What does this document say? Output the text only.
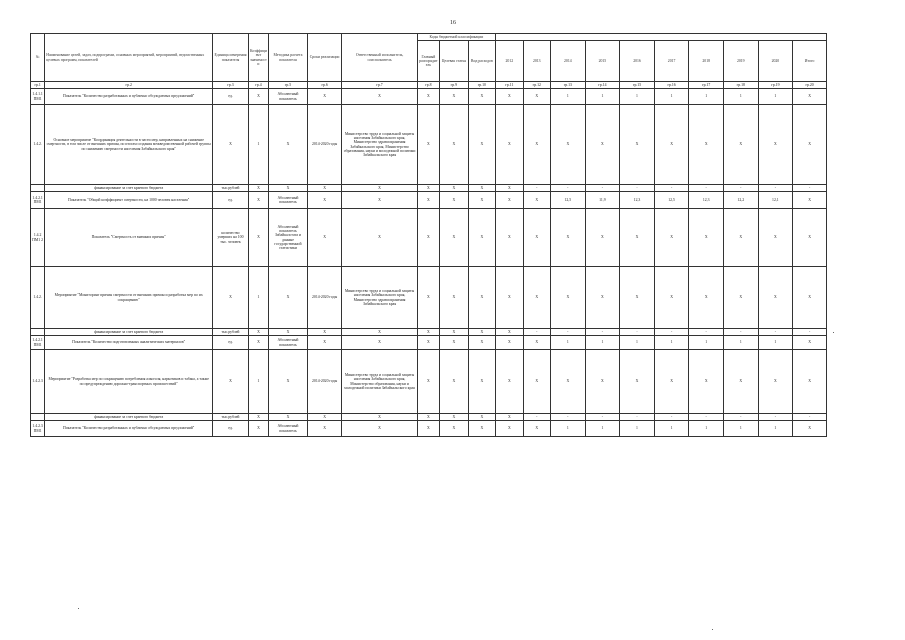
16
№	Наименование целей, задач, подпрограмм, основных мероприятий, мероприятий, ведомственных целевых программ, показателей	Единица измерения показателя	Коэффициент значимости	Методика расчета показателя	Сроки реализации	Ответственный исполнитель, соисполнитель	Коды бюджетной классификации												
							Главный распорядитель	Целевая статья	Вид расходов	2012	2013	2014	2015	2016	2017	2018	2019	2020	Итого
гр.1	гр.2	гр.3	гр.4	гр.5	гр.6	гр.7	гр.8	гр.9	гр.10	гр.11	гр.12	гр.13	гр.14	гр.15	гр.16	гр.17	гр.18	гр.19	гр.20
1.4.1.1 ПМ1	Показатель "Количество разработанных и публично обсуждаемых предложений"	ед.	X	Абсолютный показатель	X	X	X	X	X	X	X	1	1	1	1	1	1	1	X
1.4.2.	Основное мероприятие "Координация деятельности в части мер, направленных на снижение смертности, в том числе от внешних причин, по итогам создания межведомственной рабочей группы по снижению смертности населения Забайкальского края"	X	1	X	2014-2020 годы	Министерство труда и социальной защиты населения Забайкальского края, Министерство здравоохранения Забайкальского края, Министерство образования, науки и молодежной политики Забайкальского края	X	X	X	X	X	X	X	X	X	X	X	X	X
	финансирование за счет краевого бюджета	тыс.рублей	X	X	X	X	X	X	X	X	-	-	-	-	-	-	-	-	-
1.4.2.1 ПМ1	Показатель "Общий коэффициент смертности, на 1000 человек населения"	ед.	X	Абсолютный показатель	X	X	X	X	X	X	X	12,5	11,9	12,3	12,5	12,3	12,2	12,1	X
1.4.2 ПМ1 2	Показатель "Смертность от внешних причин"	количество умерших на 100 тыс. человек	X	Абсолютный показатель Забайкалстата и данные государственной статистики	X	X	X	X	X	X	X	X	X	X	X	X	X	X	X
1.4.2.	Мероприятие "Мониторинг причин смертности от внешних причин и разработка мер по их сокращению"	X	1	X	2014-2020 годы	Министерство труда и социальной защиты населения Забайкальского края, Министерство здравоохранения Забайкальского края	X	X	X	X	X	X	X	X	X	X	X	X	X
	финансирование за счет краевого бюджета	тыс.рублей	X	X	X	X	X	X	X	X	-	-	-	-	-	-	-	-	-
1.4.2.1 ПМ1	Показатель "Количество подготовленных аналитических материалов"	ед.	X	Абсолютный показатель	X	X	X	X	X	X	X	1	1	1	1	1	1	1	X
1.4.2.3	Мероприятие "Разработка мер по сокращению потребления алкоголя, наркотиков и табака, а также по предупреждению дорожно-транспортных происшествий"	X	1	X	2014-2020 годы	Министерство труда и социальной защиты населения Забайкальского края, Министерство образования, науки и молодежной политики Забайкальского края	X	X	X	X	X	X	X	X	X	X	X	X	X
	финансирование за счет краевого бюджета	тыс.рублей	X	X	X	X	X	X	X	X	-	-	-	-	-	-	-	-	-
1.4.2.3 ПМ1	Показатель "Количество разработанных и публично обсуждаемых предложений"	ед.	X	Абсолютный показатель	X	X	X	X	X	X	X	1	1	1	1	1	1	1	X
